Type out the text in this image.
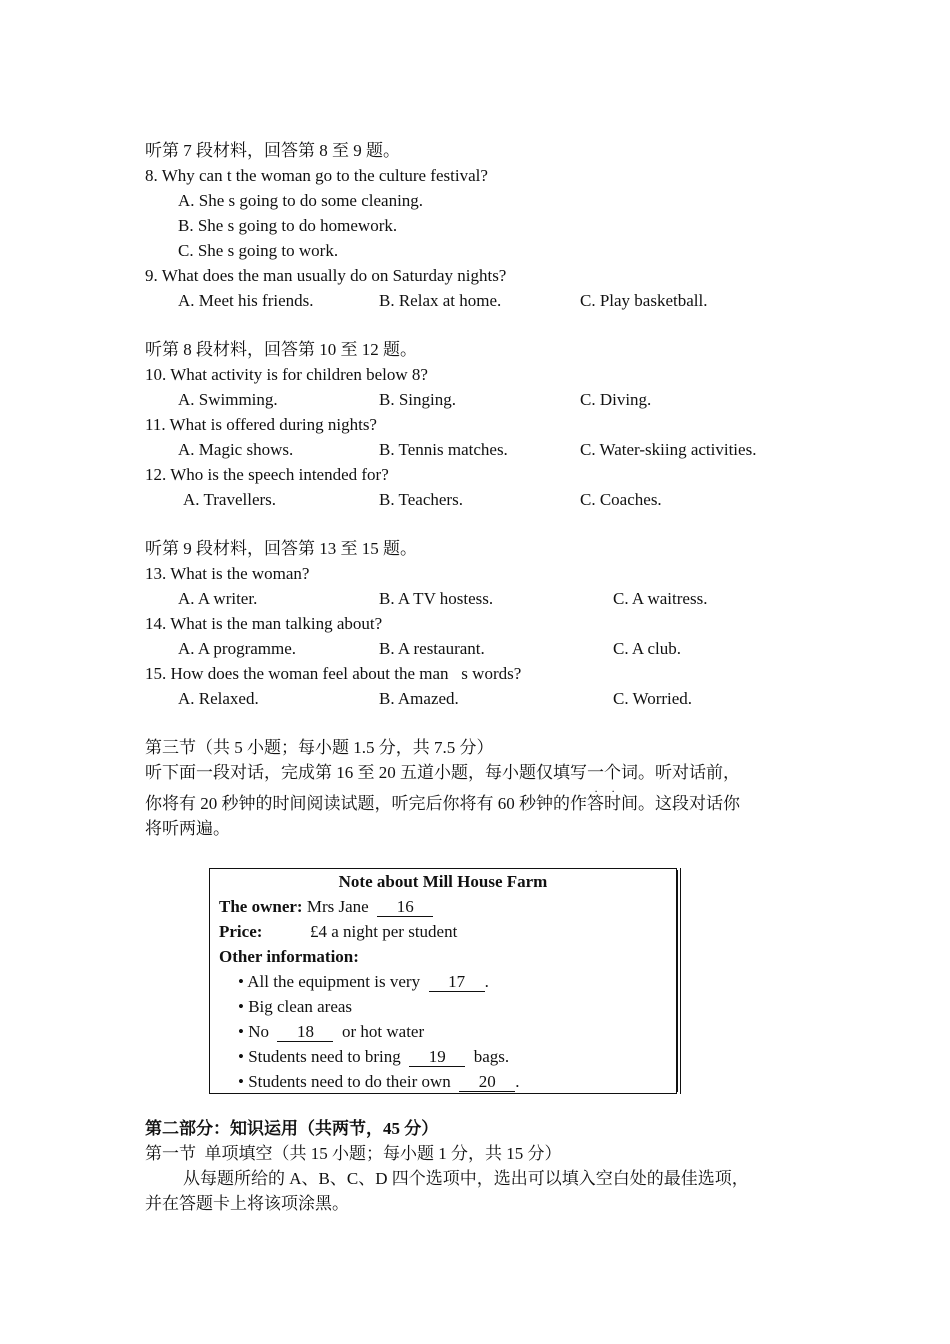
听第 7 段材料，回答第 8 至 9 题。
8. Why can t the woman go to the culture festival?
A. She s going to do some cleaning.
B. She s going to do homework.
C. She s going to work.
9. What does the man usually do on Saturday nights?
A. Meet his friends.	B. Relax at home.	C. Play basketball.
听第 8 段材料，回答第 10 至 12 题。
10. What activity is for children below 8?
A. Swimming.	B. Singing.	C. Diving.
11. What is offered during nights?
A. Magic shows.	B. Tennis matches.	C. Water-skiing activities.
12. Who is the speech intended for?
A. Travellers.	B. Teachers.	C. Coaches.
听第 9 段材料，回答第 13 至 15 题。
13. What is the woman?
A. A writer.	B. A TV hostess.	C. A waitress.
14. What is the man talking about?
A. A programme.	B. A restaurant.	C. A club.
15. How does the woman feel about the man   s words?
A. Relaxed.	B. Amazed.	C. Worried.
第三节（共 5 小题；每小题 1.5 分，共 7.5 分）
听下面一段对话，完成第 16 至 20 五道小题，每小题仅填写一个词。听对话前，
你将有 20 秒钟的时间阅读试题，听完后你将有 60 秒钟的作答时间。这段对话你
将听两遍。
Note about Mill House Farm
The owner: Mrs Jane  16
Price:	£4 a night per student
Other information:
• All the equipment is very  17 .
• Big clean areas
• No  18  or hot water
• Students need to bring  19  bags.
• Students need to do their own  20 .
第二部分：知识运用（共两节，45 分）
第一节  单项填空（共 15 小题；每小题 1 分，共 15 分）
从每题所给的 A、B、C、D 四个选项中，选出可以填入空白处的最佳选项，
并在答题卡上将该项涂黑。
